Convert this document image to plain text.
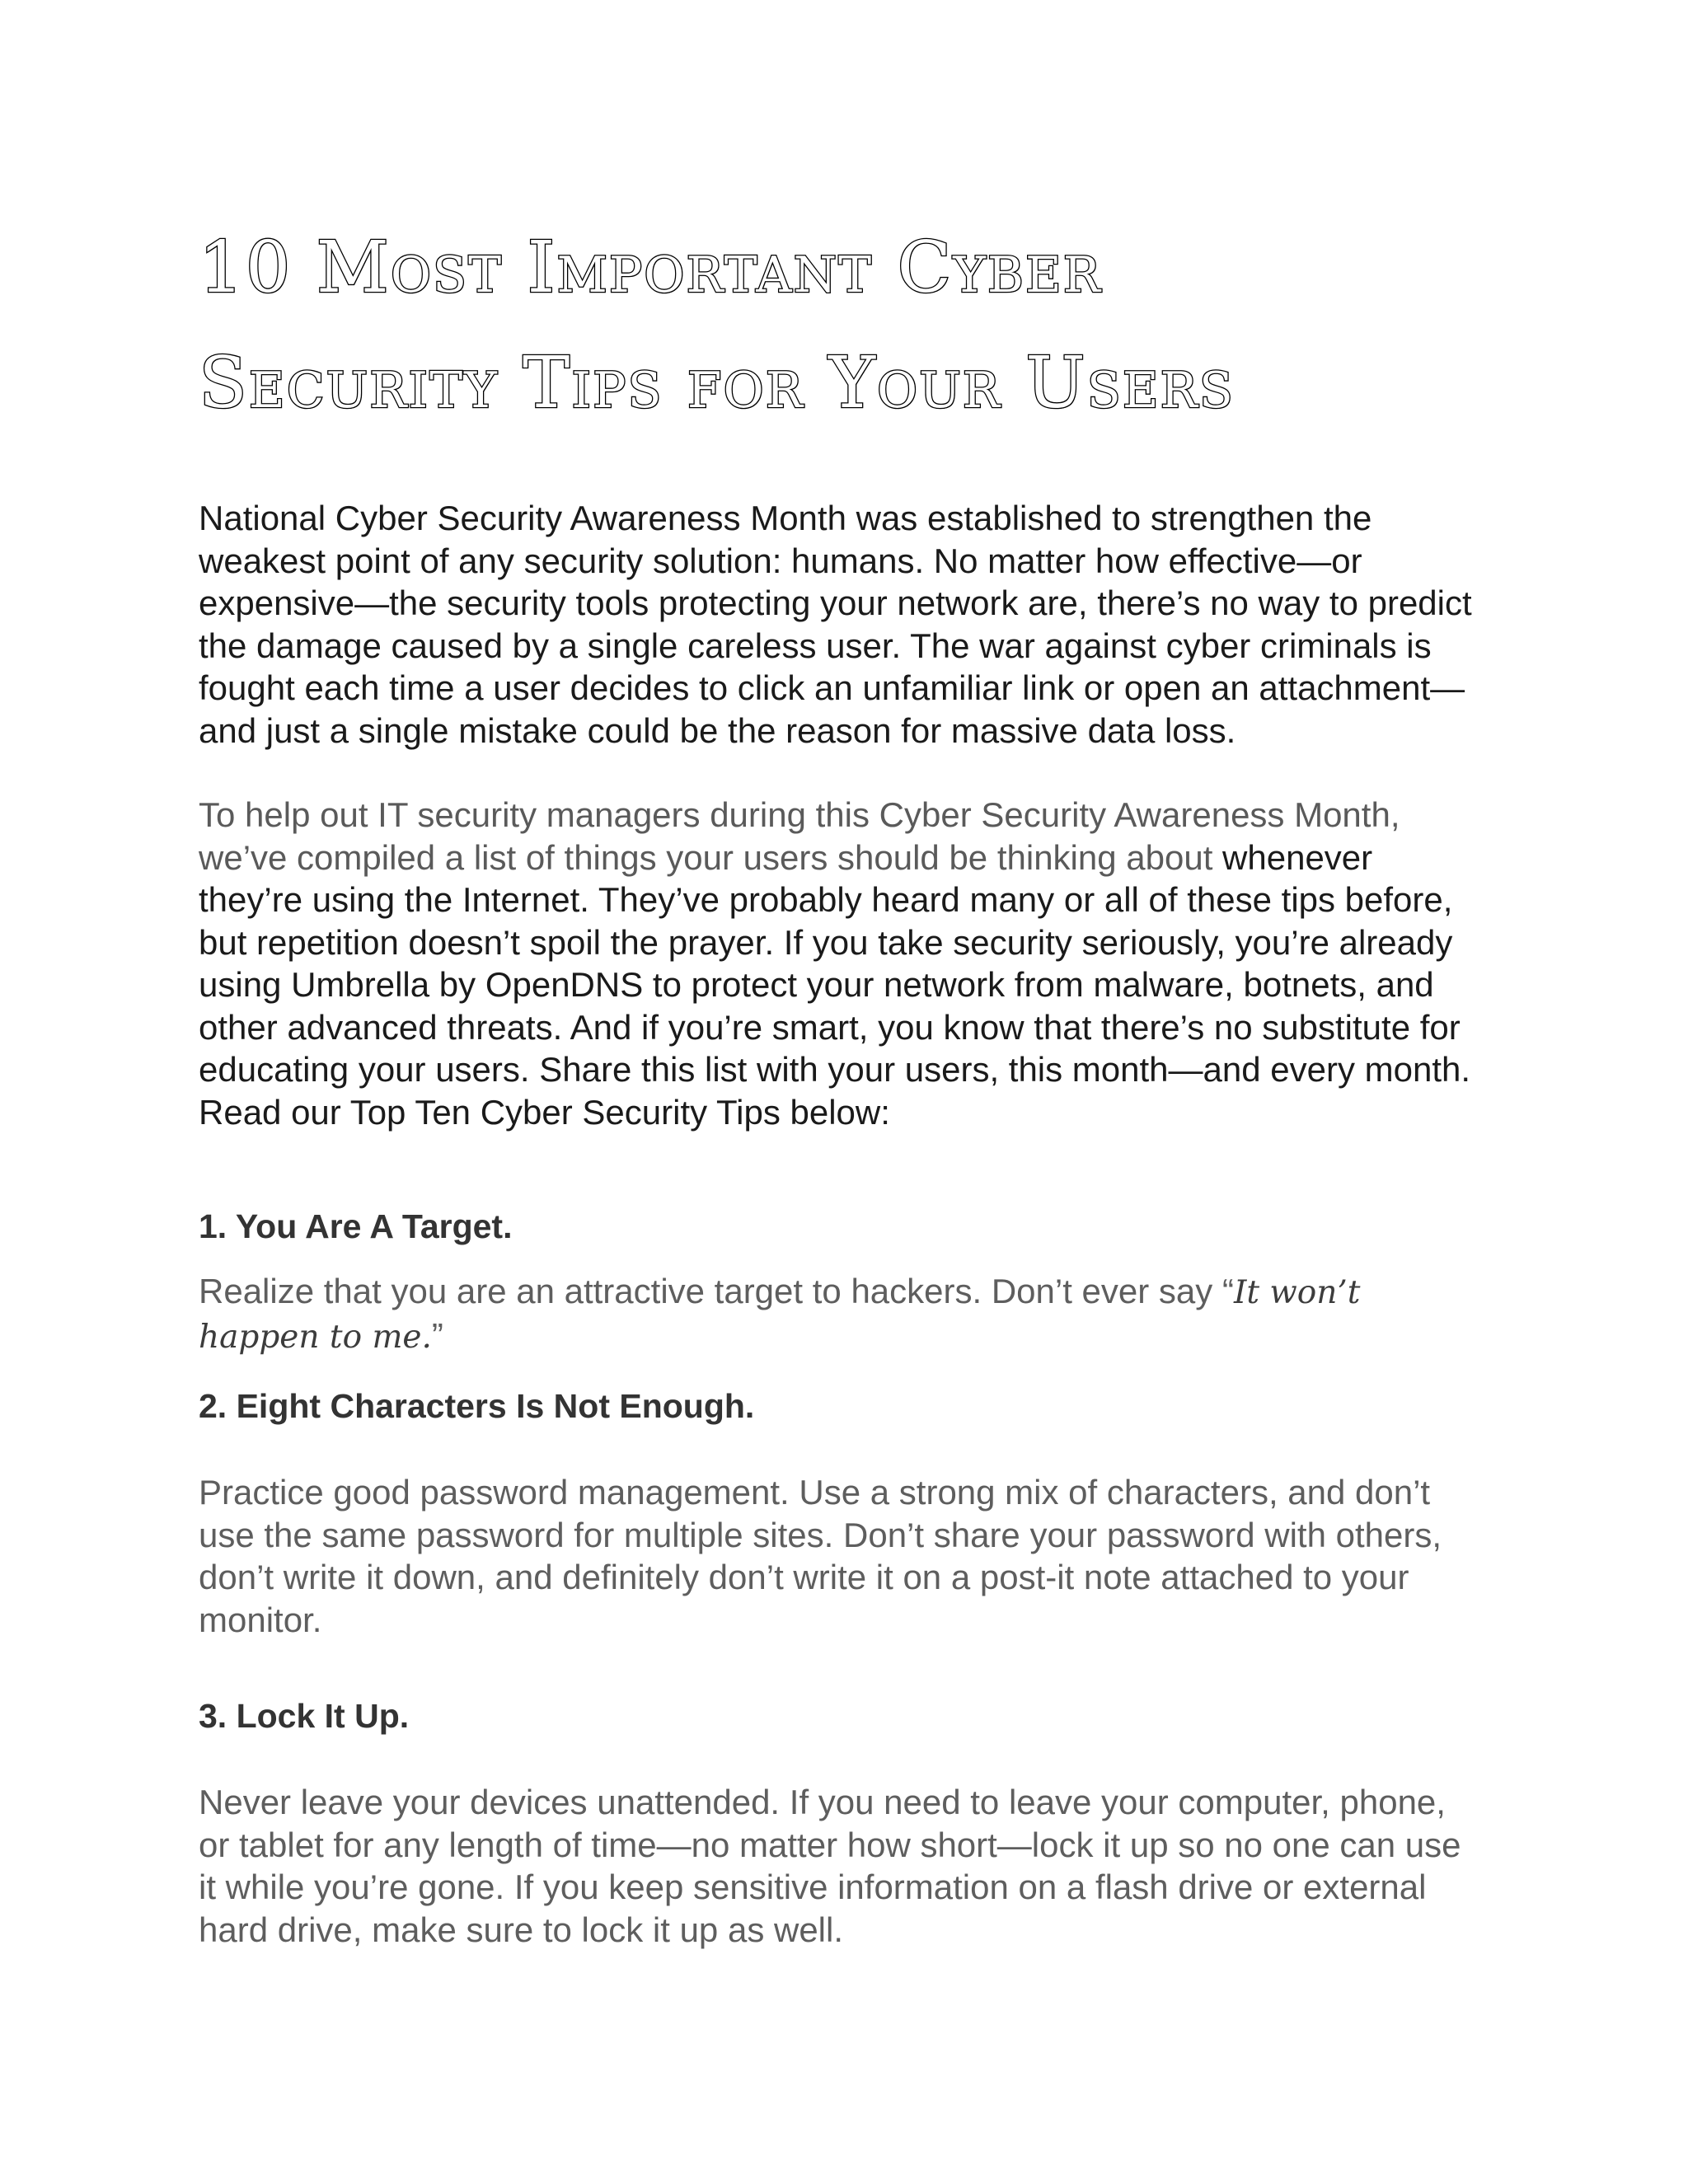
10 Most Important Cyber
Security Tips for Your Users

National Cyber Security Awareness Month was established to strengthen the weakest point of any security solution: humans. No matter how effective—or expensive—the security tools protecting your network are, there’s no way to predict the damage caused by a single careless user. The war against cyber criminals is fought each time a user decides to click an unfamiliar link or open an attachment—and just a single mistake could be the reason for massive data loss.

To help out IT security managers during this Cyber Security Awareness Month, we’ve compiled a list of things your users should be thinking about whenever they’re using the Internet. They’ve probably heard many or all of these tips before, but repetition doesn’t spoil the prayer. If you take security seriously, you’re already using Umbrella by OpenDNS to protect your network from malware, botnets, and other advanced threats. And if you’re smart, you know that there’s no substitute for educating your users. Share this list with your users, this month—and every month. Read our Top Ten Cyber Security Tips below:

1. You Are A Target.

Realize that you are an attractive target to hackers. Don’t ever say “It won’t happen to me.”

2. Eight Characters Is Not Enough.

Practice good password management. Use a strong mix of characters, and don’t use the same password for multiple sites. Don’t share your password with others, don’t write it down, and definitely don’t write it on a post-it note attached to your monitor.

3. Lock It Up.

Never leave your devices unattended. If you need to leave your computer, phone, or tablet for any length of time—no matter how short—lock it up so no one can use it while you’re gone. If you keep sensitive information on a flash drive or external hard drive, make sure to lock it up as well.
